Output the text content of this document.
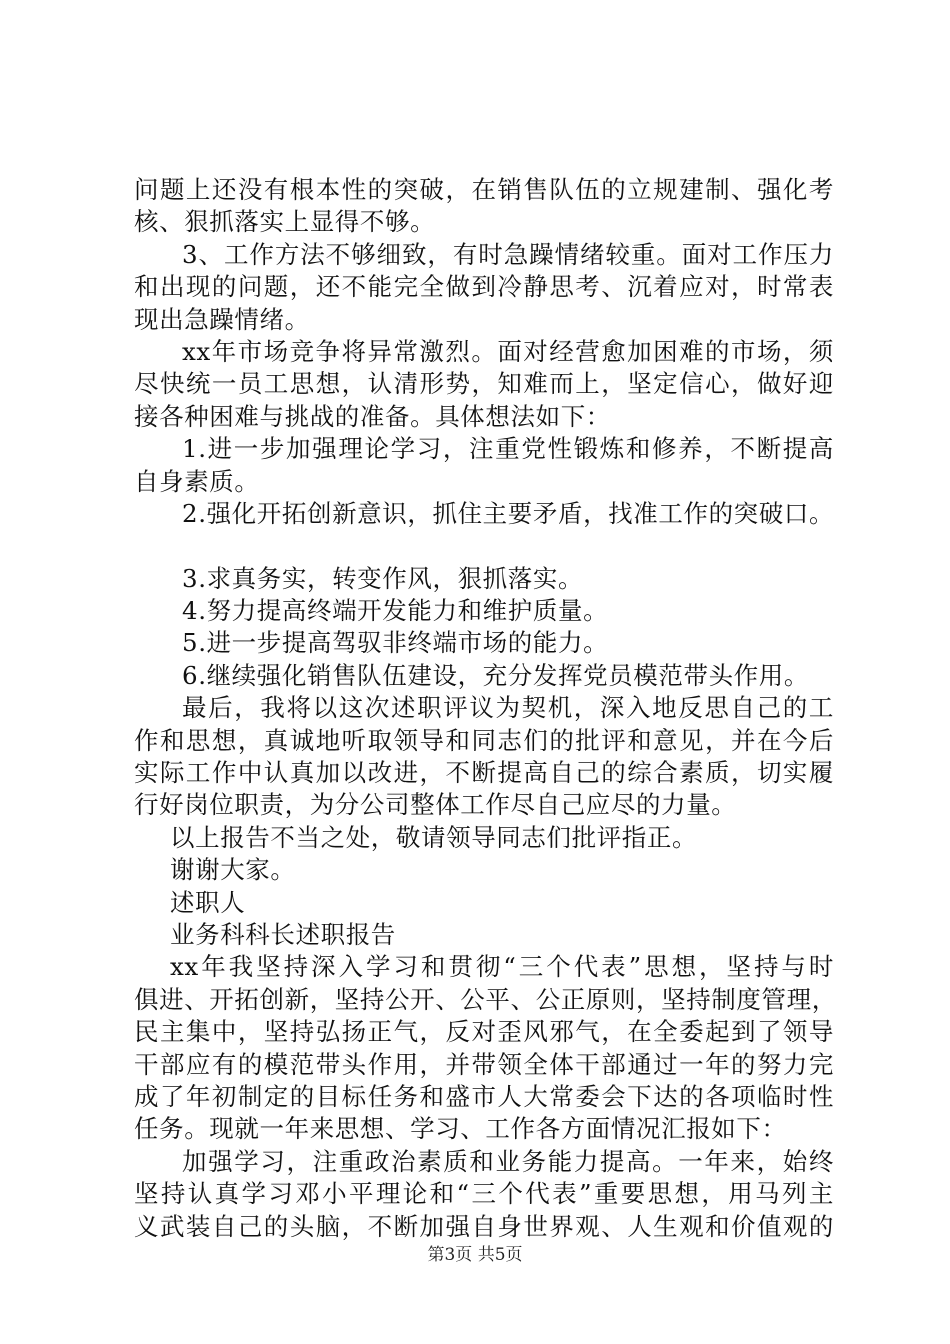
问题上还没有根本性的突破，在销售队伍的立规建制、强化考
核、狠抓落实上显得不够。
3、工作方法不够细致，有时急躁情绪较重。面对工作压力
和出现的问题，还不能完全做到冷静思考、沉着应对，时常表
现出急躁情绪。
xx年市场竞争将异常激烈。面对经营愈加困难的市场，须
尽快统一员工思想，认清形势，知难而上，坚定信心，做好迎
接各种困难与挑战的准备。具体想法如下：
1.进一步加强理论学习，注重党性锻炼和修养，不断提高
自身素质。
2.强化开拓创新意识，抓住主要矛盾，找准工作的突破口。
3.求真务实，转变作风，狠抓落实。
4.努力提高终端开发能力和维护质量。
5.进一步提高驾驭非终端市场的能力。
6.继续强化销售队伍建设，充分发挥党员模范带头作用。
最后，我将以这次述职评议为契机，深入地反思自己的工
作和思想，真诚地听取领导和同志们的批评和意见，并在今后
实际工作中认真加以改进，不断提高自己的综合素质，切实履
行好岗位职责，为分公司整体工作尽自己应尽的力量。
以上报告不当之处，敬请领导同志们批评指正。
谢谢大家。
述职人
业务科科长述职报告
xx年我坚持深入学习和贯彻“三个代表”思想，坚持与时
俱进、开拓创新，坚持公开、公平、公正原则，坚持制度管理，
民主集中，坚持弘扬正气，反对歪风邪气，在全委起到了领导
干部应有的模范带头作用，并带领全体干部通过一年的努力完
成了年初制定的目标任务和盛市人大常委会下达的各项临时性
任务。现就一年来思想、学习、工作各方面情况汇报如下：
加强学习，注重政治素质和业务能力提高。一年来，始终
坚持认真学习邓小平理论和“三个代表”重要思想，用马列主
义武装自己的头脑，不断加强自身世界观、人生观和价值观的
第3页 共5页
